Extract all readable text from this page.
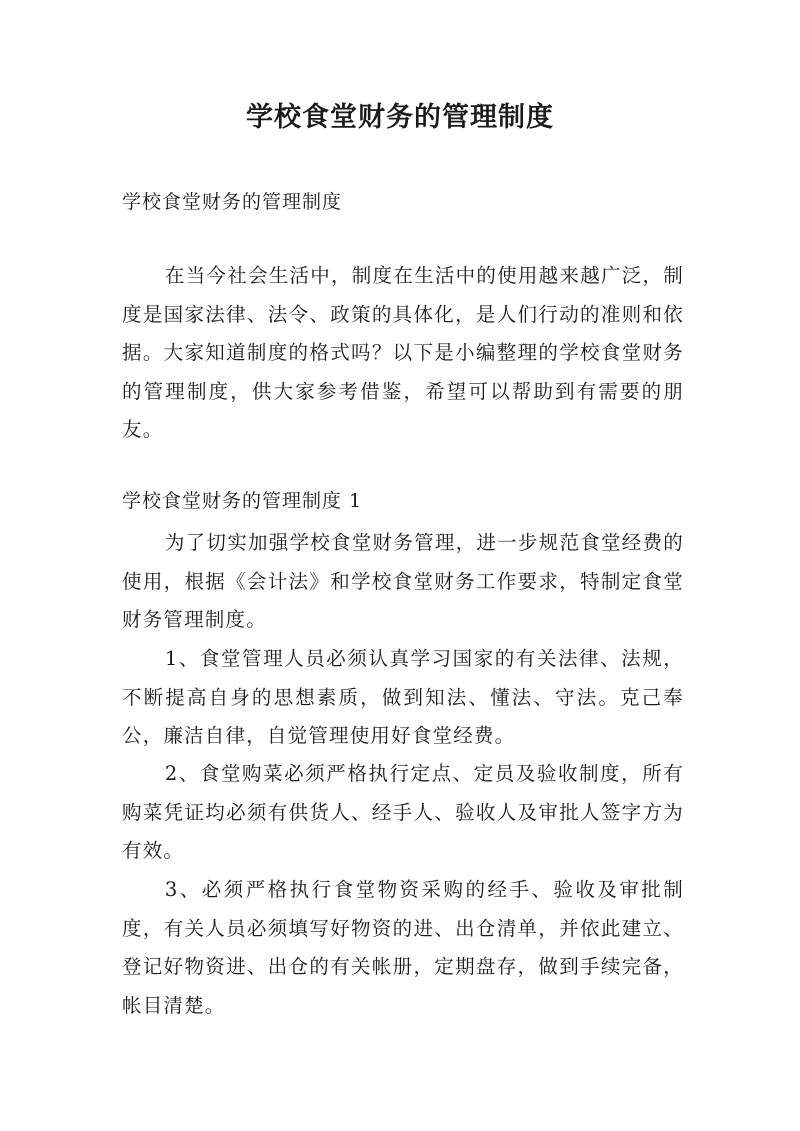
学校食堂财务的管理制度
学校食堂财务的管理制度

在当今社会生活中，制度在生活中的使用越来越广泛，制度是国家法律、法令、政策的具体化，是人们行动的准则和依据。大家知道制度的格式吗？以下是小编整理的学校食堂财务的管理制度，供大家参考借鉴，希望可以帮助到有需要的朋友。

学校食堂财务的管理制度 1

为了切实加强学校食堂财务管理，进一步规范食堂经费的使用，根据《会计法》和学校食堂财务工作要求，特制定食堂财务管理制度。

1、食堂管理人员必须认真学习国家的有关法律、法规，不断提高自身的思想素质，做到知法、懂法、守法。克己奉公，廉洁自律，自觉管理使用好食堂经费。

2、食堂购菜必须严格执行定点、定员及验收制度，所有购菜凭证均必须有供货人、经手人、验收人及审批人签字方为有效。

3、必须严格执行食堂物资采购的经手、验收及审批制度，有关人员必须填写好物资的进、出仓清单，并依此建立、登记好物资进、出仓的有关帐册，定期盘存，做到手续完备，帐目清楚。
